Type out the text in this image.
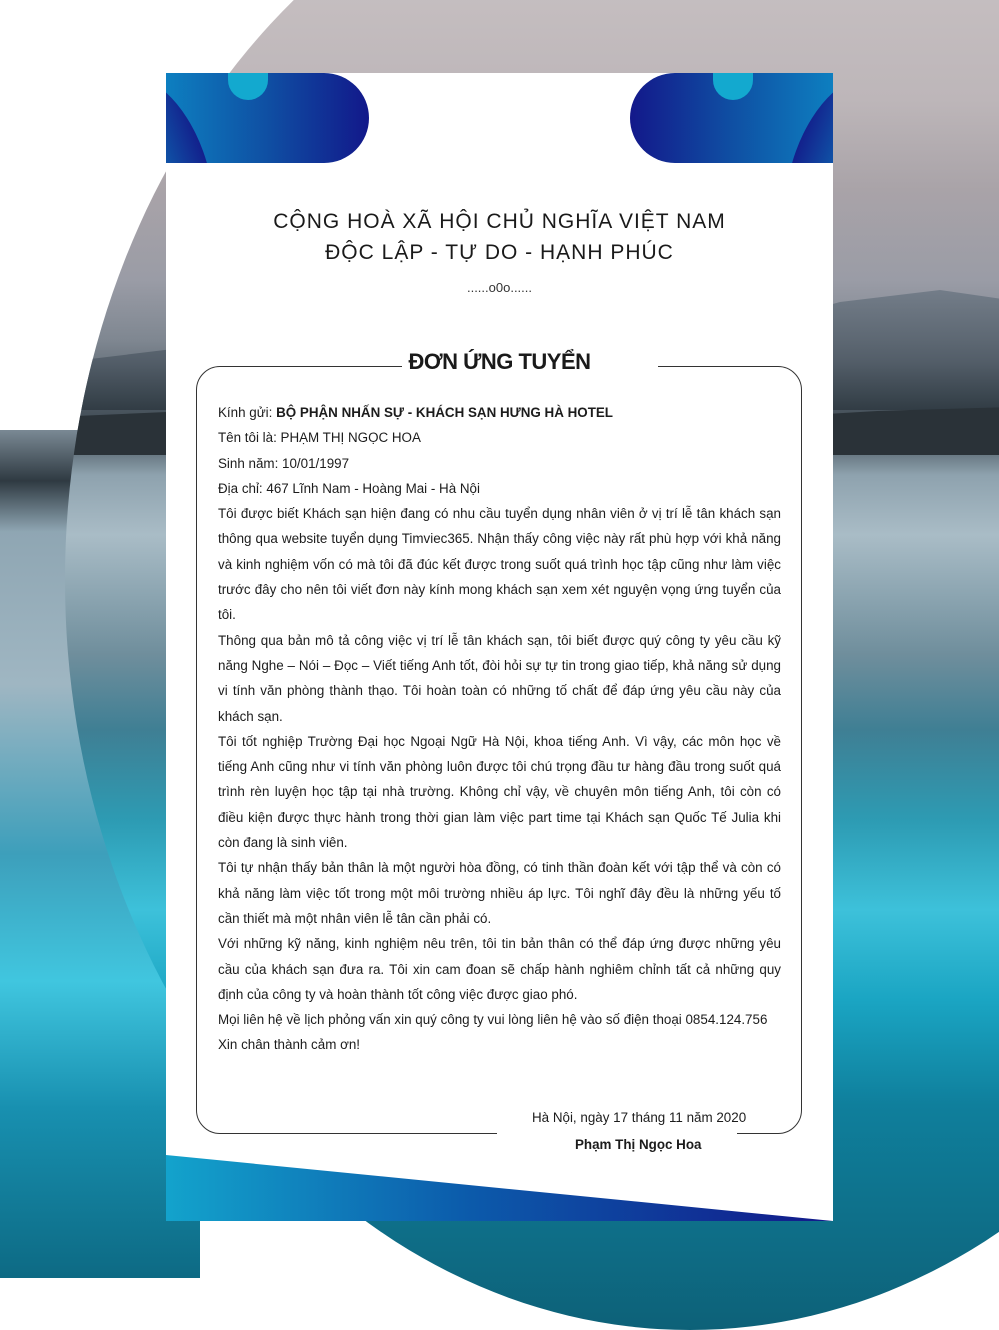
CỘNG HOÀ XÃ HỘI CHỦ NGHĨA VIỆT NAM
ĐỘC LẬP - TỰ DO - HẠNH PHÚC
......o0o......
ĐƠN ỨNG TUYỂN

Kính gửi: BỘ PHẬN NHẤN SỰ - KHÁCH SẠN HƯNG HÀ HOTEL

Tên tôi là: PHẠM THỊ NGỌC HOA

Sinh năm: 10/01/1997

Địa chỉ: 467 Lĩnh Nam - Hoàng Mai - Hà Nội

Tôi được biết Khách sạn hiện đang có nhu cầu tuyển dụng nhân viên ở vị trí lễ tân khách sạn thông qua website tuyển dụng Timviec365. Nhận thấy công việc này rất phù hợp với khả năng và kinh nghiệm vốn có mà tôi đã đúc kết được trong suốt quá trình học tập cũng như làm việc trước đây cho nên tôi viết đơn này kính mong khách sạn xem xét nguyện vọng ứng tuyển của tôi.

Thông qua bản mô tả công việc vị trí lễ tân khách sạn, tôi biết được quý công ty yêu cầu kỹ năng Nghe – Nói – Đọc – Viết tiếng Anh tốt, đòi hỏi sự tự tin trong giao tiếp, khả năng sử dụng vi tính văn phòng thành thạo. Tôi hoàn toàn có những tố chất để đáp ứng yêu cầu này của khách sạn.

Tôi tốt nghiệp Trường Đại học Ngoại Ngữ Hà Nội, khoa tiếng Anh. Vì vậy, các môn học về tiếng Anh cũng như vi tính văn phòng luôn được tôi chú trọng đầu tư hàng đầu trong suốt quá trình rèn luyện học tập tại nhà trường. Không chỉ vậy, về chuyên môn tiếng Anh, tôi còn có điều kiện được thực hành trong thời gian làm việc part time tại Khách sạn Quốc Tế Julia khi còn đang là sinh viên.

Tôi tự nhận thấy bản thân là một người hòa đồng, có tinh thần đoàn kết với tập thể và còn có khả năng làm việc tốt trong một môi trường nhiều áp lực. Tôi nghĩ đây đều là những yếu tố cần thiết mà một nhân viên lễ tân cần phải có.

Với những kỹ năng, kinh nghiệm nêu trên, tôi tin bản thân có thể đáp ứng được những yêu cầu của khách sạn đưa ra. Tôi xin cam đoan sẽ chấp hành nghiêm chỉnh tất cả những quy định của công ty và hoàn thành tốt công việc được giao phó.

Mọi liên hệ về lịch phỏng vấn xin quý công ty vui lòng liên hệ vào số điện thoại 0854.124.756

Xin chân thành cảm ơn!

Hà Nội, ngày 17 tháng 11 năm 2020
Phạm Thị Ngọc Hoa
